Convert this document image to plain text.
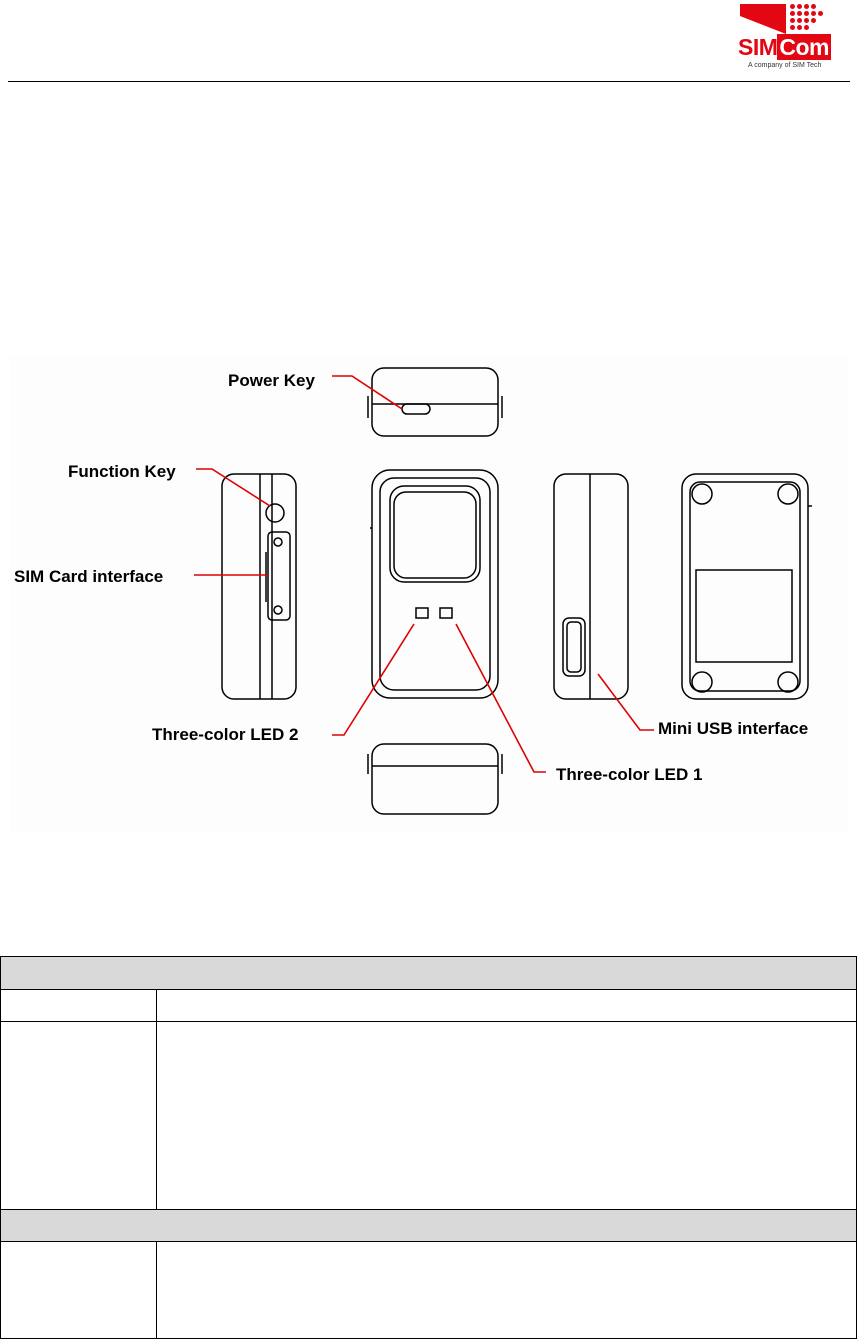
SIMCom
A company of SIM Tech
Power Key
Function Key
SIM Card interface
Three-color LED 2
Three-color LED 1
Mini USB interface
